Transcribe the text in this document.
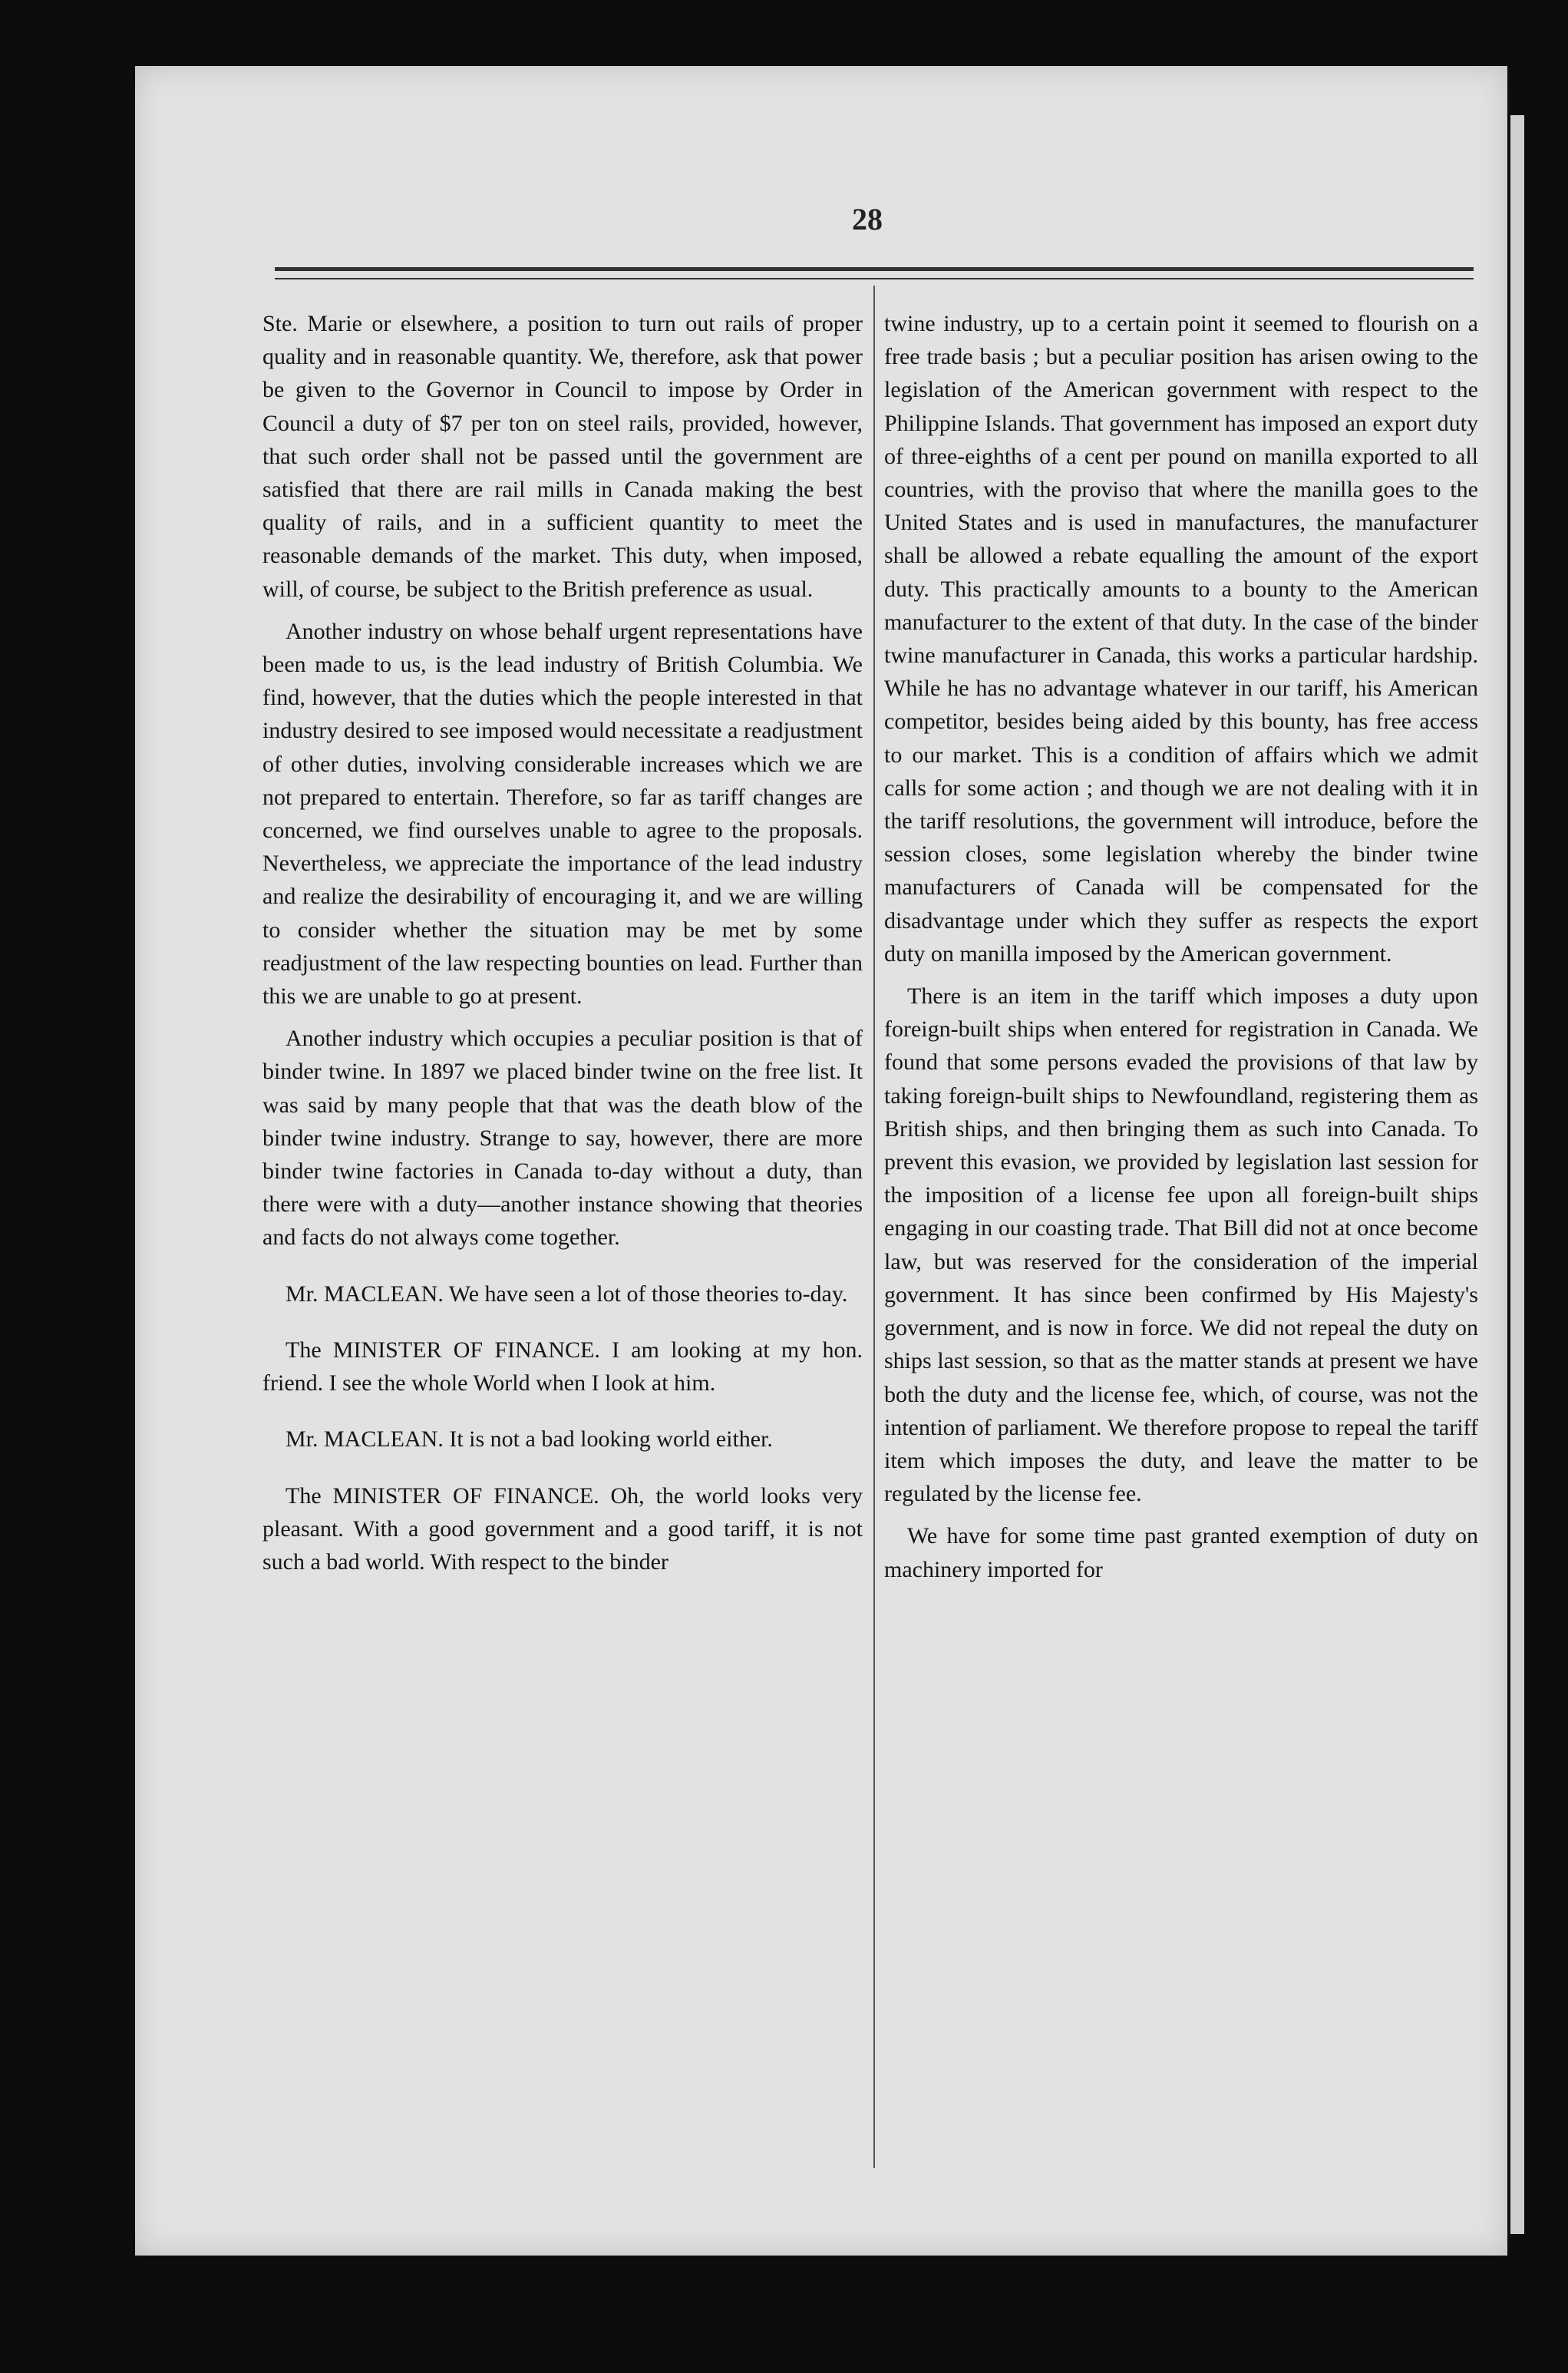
28

Ste. Marie or elsewhere, a position to turn out rails of proper quality and in reasonable quantity. We, therefore, ask that power be given to the Governor in Council to impose by Order in Council a duty of $7 per ton on steel rails, provided, however, that such order shall not be passed until the government are satisfied that there are rail mills in Canada making the best quality of rails, and in a sufficient quantity to meet the reasonable demands of the market. This duty, when imposed, will, of course, be subject to the British preference as usual.

Another industry on whose behalf urgent representations have been made to us, is the lead industry of British Columbia. We find, however, that the duties which the people interested in that industry desired to see imposed would necessitate a readjustment of other duties, involving considerable increases which we are not prepared to entertain. Therefore, so far as tariff changes are concerned, we find ourselves unable to agree to the proposals. Nevertheless, we appreciate the importance of the lead industry and realize the desirability of encouraging it, and we are willing to consider whether the situation may be met by some readjustment of the law respecting bounties on lead. Further than this we are unable to go at present.

Another industry which occupies a peculiar position is that of binder twine. In 1897 we placed binder twine on the free list. It was said by many people that that was the death blow of the binder twine industry. Strange to say, however, there are more binder twine factories in Canada to-day without a duty, than there were with a duty—another instance showing that theories and facts do not always come together.

Mr. MACLEAN. We have seen a lot of those theories to-day.

The MINISTER OF FINANCE. I am looking at my hon. friend. I see the whole World when I look at him.

Mr. MACLEAN. It is not a bad looking world either.

The MINISTER OF FINANCE. Oh, the world looks very pleasant. With a good government and a good tariff, it is not such a bad world. With respect to the binder

twine industry, up to a certain point it seemed to flourish on a free trade basis ; but a peculiar position has arisen owing to the legislation of the American government with respect to the Philippine Islands. That government has imposed an export duty of three-eighths of a cent per pound on manilla exported to all countries, with the proviso that where the manilla goes to the United States and is used in manufactures, the manufacturer shall be allowed a rebate equalling the amount of the export duty. This practically amounts to a bounty to the American manufacturer to the extent of that duty. In the case of the binder twine manufacturer in Canada, this works a particular hardship. While he has no advantage whatever in our tariff, his American competitor, besides being aided by this bounty, has free access to our market. This is a condition of affairs which we admit calls for some action ; and though we are not dealing with it in the tariff resolutions, the government will introduce, before the session closes, some legislation whereby the binder twine manufacturers of Canada will be compensated for the disadvantage under which they suffer as respects the export duty on manilla imposed by the American government.

There is an item in the tariff which imposes a duty upon foreign-built ships when entered for registration in Canada. We found that some persons evaded the provisions of that law by taking foreign-built ships to Newfoundland, registering them as British ships, and then bringing them as such into Canada. To prevent this evasion, we provided by legislation last session for the imposition of a license fee upon all foreign-built ships engaging in our coasting trade. That Bill did not at once become law, but was reserved for the consideration of the imperial government. It has since been confirmed by His Majesty's government, and is now in force. We did not repeal the duty on ships last session, so that as the matter stands at present we have both the duty and the license fee, which, of course, was not the intention of parliament. We therefore propose to repeal the tariff item which imposes the duty, and leave the matter to be regulated by the license fee.

We have for some time past granted exemption of duty on machinery imported for
